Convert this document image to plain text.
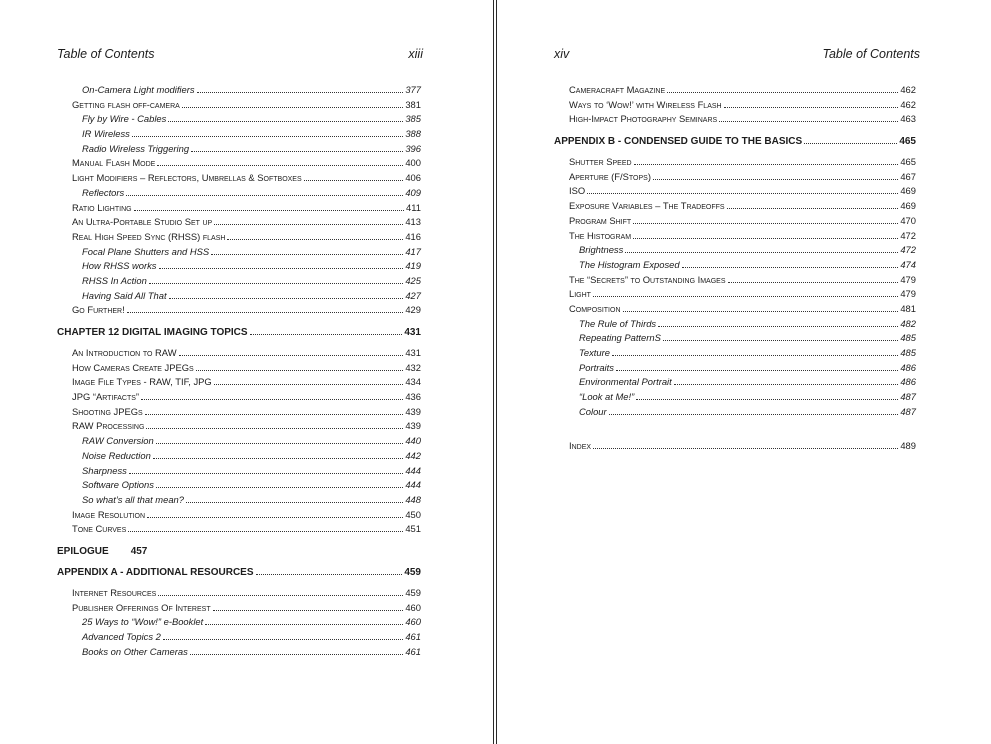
Table of Contents	xiii
On-Camera Light modifiers	377
Getting flash off-camera	381
Fly by Wire - Cables	385
IR Wireless	388
Radio Wireless Triggering	396
Manual Flash Mode	400
Light Modifiers – Reflectors, Umbrellas & Softboxes	406
Reflectors	409
Ratio Lighting	411
An Ultra-Portable Studio Set up	413
Real High Speed Sync (RHSS) flash	416
Focal Plane Shutters and HSS	417
How RHSS works	419
RHSS In Action	425
Having Said All That	427
Go Further!	429
CHAPTER 12 DIGITAL IMAGING TOPICS	431
An Introduction to RAW	431
How Cameras Create JPEGs	432
Image File Types - RAW, TIF, JPG	434
JPG “Artifacts”	436
Shooting JPEGs	439
RAW Processing	439
RAW Conversion	440
Noise Reduction	442
Sharpness	444
Software Options	444
So what’s all that mean?	448
Image Resolution	450
Tone Curves	451
EPILOGUE 457
APPENDIX A - ADDITIONAL RESOURCES	459
Internet Resources	459
Publisher Offerings Of Interest	460
25 Ways to “Wow!” e-Booklet	460
Advanced Topics 2	461
Books on Other Cameras	461
xiv	Table of Contents
Cameracraft Magazine	462
Ways to ‘Wow!’ with Wireless Flash	462
High-Impact Photography Seminars	463
APPENDIX B - CONDENSED GUIDE TO THE BASICS	465
Shutter Speed	465
Aperture (F/Stops)	467
ISO	469
Exposure Variables – The Tradeoffs	469
Program Shift	470
The Histogram	472
Brightness	472
The Histogram Exposed	474
The “Secrets” to Outstanding Images	479
Light	479
Composition	481
The Rule of Thirds	482
Repeating PatternS	485
Texture	485
Portraits	486
Environmental Portrait	486
“Look at Me!”	487
Colour	487
Index	489
